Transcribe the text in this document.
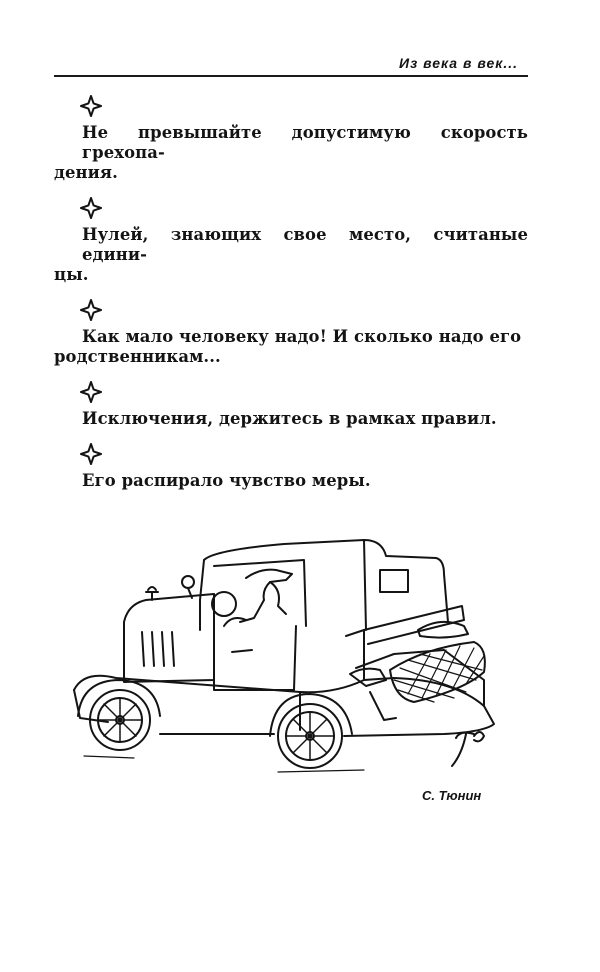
Из века в век...
Не превышайте допустимую скорость грехопа-
дения.
Нулей, знающих свое место, считаные едини-
цы.
Как мало человеку надо! И сколько надо его
родственникам...
Исключения, держитесь в рамках правил.
Его распирало чувство меры.
С. Тюнин
